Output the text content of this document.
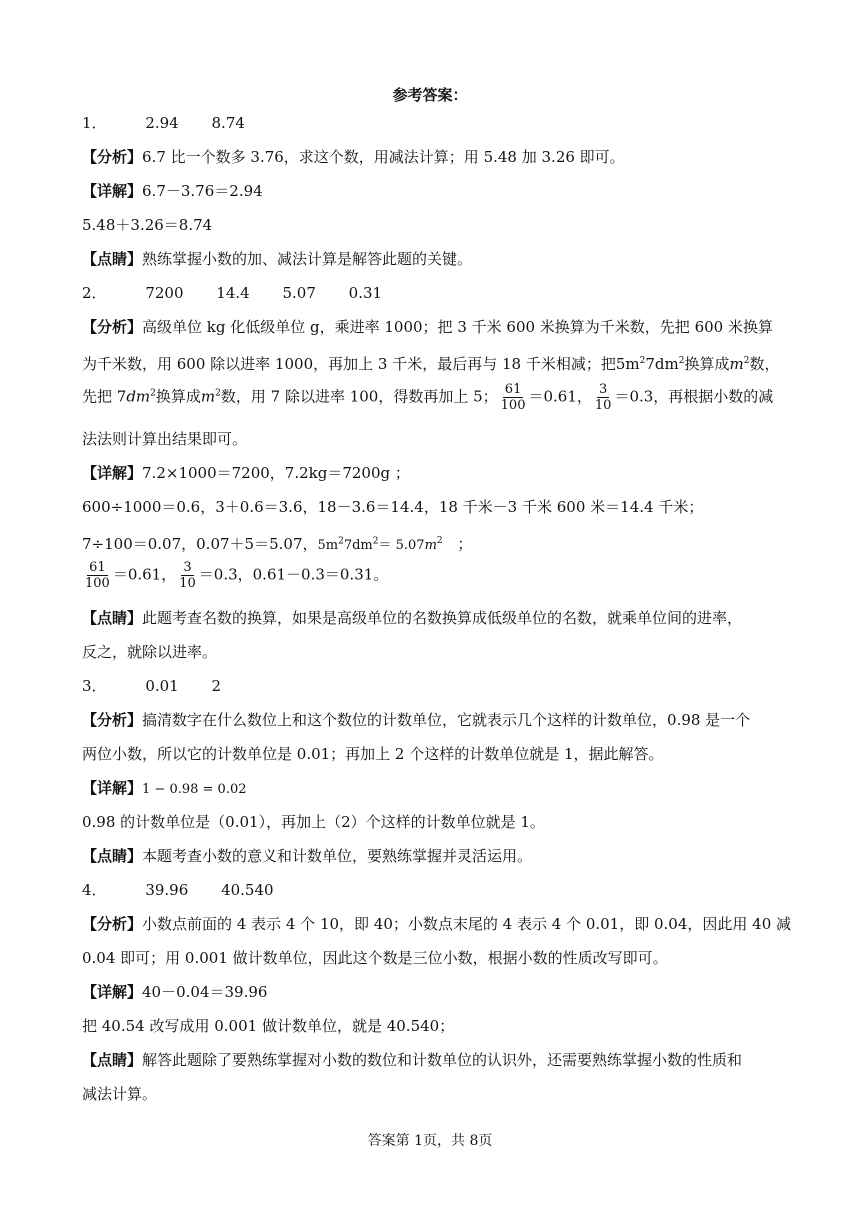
参考答案：
1．	2.94 8.74
【分析】6.7 比一个数多 3.76，求这个数，用减法计算；用 5.48 加 3.26 即可。
【详解】6.7－3.76＝2.94
5.48＋3.26＝8.74
【点睛】熟练掌握小数的加、减法计算是解答此题的关键。
2．	7200 14.4 5.07 0.31
【分析】高级单位 kg 化低级单位 g，乘进率 1000；把 3 千米 600 米换算为千米数，先把 600 米换算
为千米数，用 600 除以进率 1000，再加上 3 千米，最后再与 18 千米相减；把$5m^27dm^2$换算成$m^2$数，
先把 $7dm^2$换算成$m^2$数，用 7 除以进率 100，得数再加上 5； $\frac{61}{100} =0.61$， $\frac{3}{10} =0.3$，再根据小数的减
法法则计算出结果即可。
【详解】7.2×1000＝7200，7.2kg＝7200g ；
600÷1000＝0.6，3＋0.6＝3.6，18－3.6＝14.4，18 千米－3 千米 600 米＝14.4 千米；
7÷100＝0.07，0.07＋5＝5.07，$5m^27dm^2= 5.07m^2$ ；
$\frac{61}{100} =0.61$， $\frac{3}{10} =0.3$，0.61－0.3＝0.31。
【点睛】此题考查名数的换算，如果是高级单位的名数换算成低级单位的名数，就乘单位间的进率，
反之，就除以进率。
3．	0.01 2
【分析】搞清数字在什么数位上和这个数位的计数单位，它就表示几个这样的计数单位，0.98 是一个
两位小数，所以它的计数单位是 0.01；再加上 2 个这样的计数单位就是 1，据此解答。
【详解】1 − 0.98 = 0.02
0.98 的计数单位是（0.01），再加上（2）个这样的计数单位就是 1。
【点睛】本题考查小数的意义和计数单位，要熟练掌握并灵活运用。
4．	39.96 40.540
【分析】小数点前面的 4 表示 4 个 10，即 40；小数点末尾的 4 表示 4 个 0.01，即 0.04，因此用 40 减
0.04 即可；用 0.001 做计数单位，因此这个数是三位小数，根据小数的性质改写即可。
【详解】40－0.04＝39.96
把 40.54 改写成用 0.001 做计数单位，就是 40.540；
【点睛】解答此题除了要熟练掌握对小数的数位和计数单位的认识外，还需要熟练掌握小数的性质和
减法计算。
答案第 1页，共 8页
